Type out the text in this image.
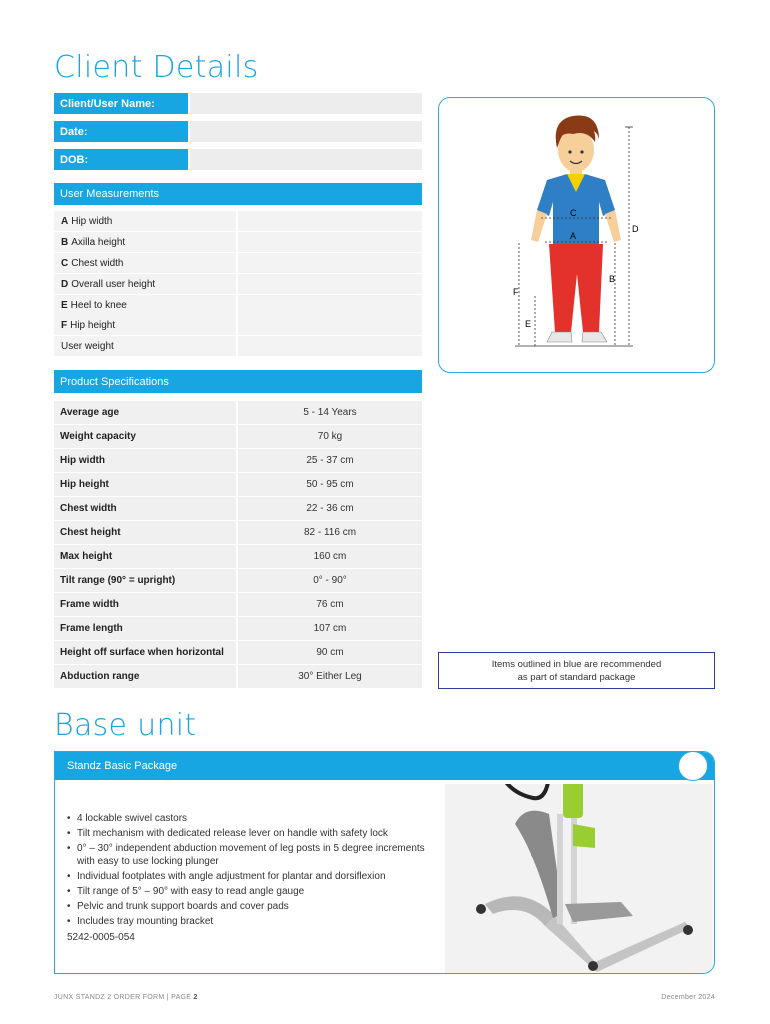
Client Details
Client/User Name:
Date:
DOB:
User Measurements
A Hip width
B Axilla height
C Chest width
D Overall user height
E Heel to knee
F Hip height
User weight
C
A
D
B
F
E
Product Specifications
Average age	5 - 14 Years
Weight capacity	70 kg
Hip width	25 - 37 cm
Hip height	50 - 95 cm
Chest width	22 - 36 cm
Chest height	82 - 116 cm
Max height	160 cm
Tilt range (90° = upright)	0° - 90°
Frame width	76 cm
Frame length	107 cm
Height off surface when horizontal	90 cm
Abduction range	30° Either Leg
Items outlined in blue are recommended
as part of standard package
Base unit
Standz Basic Package
• 4 lockable swivel castors
• Tilt mechanism with dedicated release lever on handle with safety lock
• 0° – 30° independent abduction movement of leg posts in 5 degree increments with easy to use locking plunger
• Individual footplates with angle adjustment for plantar and dorsiflexion
• Tilt range of 5° – 90° with easy to read angle gauge
• Pelvic and trunk support boards and cover pads
• Includes tray mounting bracket
5242-0005-054
JUNX STANDZ 2 ORDER FORM | PAGE 2	December 2024
